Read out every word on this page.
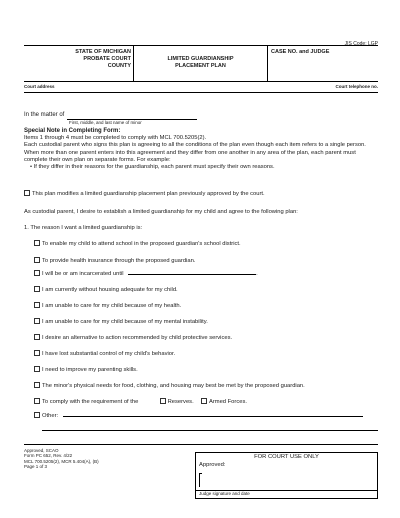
JIS Code: LGP
STATE OF MICHIGAN
PROBATE COURT
COUNTY
LIMITED GUARDIANSHIP
PLACEMENT PLAN
CASE NO. and JUDGE
Court address	Court telephone no.
In the matter of
First, middle, and last name of minor
Special Note in Completing Form:
Items 1 through 4 must be completed to comply with MCL 700.5205(2).
Each custodial parent who signs this plan is agreeing to all the conditions of the plan even though each item refers to a single person. When more than one parent enters into this agreement and they differ from one another in any area of the plan, each parent must complete their own plan on separate forms. For example:
• If they differ in their reasons for the guardianship, each parent must specify their own reasons.
This plan modifies a limited guardianship placement plan previously approved by the court.
As custodial parent, I desire to establish a limited guardianship for my child and agree to the following plan:
1. The reason I want a limited guardianship is:
To enable my child to attend school in the proposed guardian's school district.
To provide health insurance through the proposed guardian.
I will be or am incarcerated until	.
I am currently without housing adequate for my child.
I am unable to care for my child because of my health.
I am unable to care for my child because of my mental instability.
I desire an alternative to action recommended by child protective services.
I have lost substantial control of my child's behavior.
I need to improve my parenting skills.
The minor's physical needs for food, clothing, and housing may best be met by the proposed guardian.
To comply with the requirement of the	Reserves.	Armed Forces.
Other:
Approved, SCAO
Form PC 652, Rev. 4/22
MCL 700.5205(2), MCR 5.404(A), (B)
Page 1 of 3
FOR COURT USE ONLY
Approved:
Judge signature and date
